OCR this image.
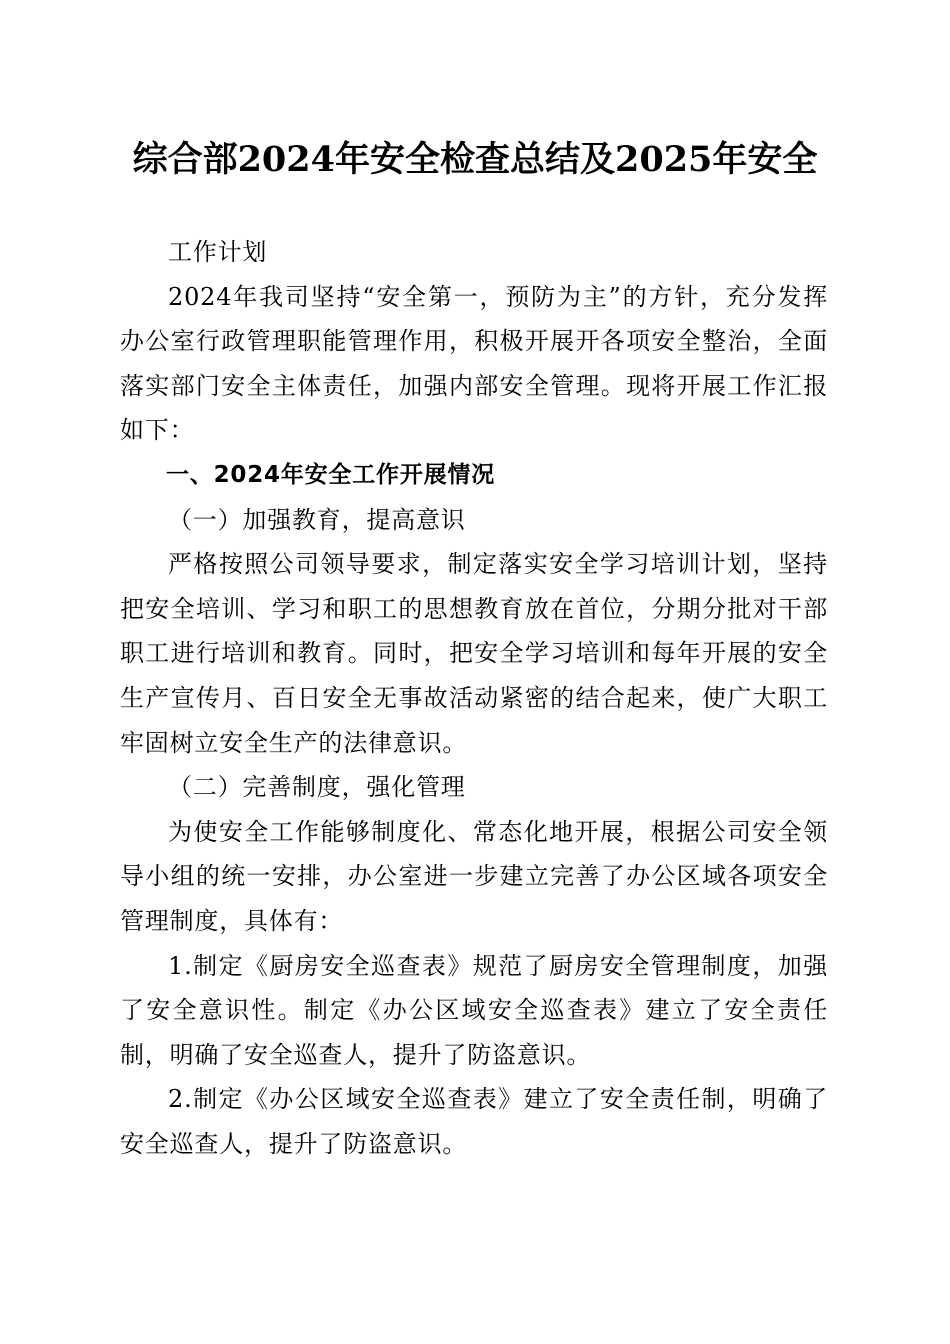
综合部2024年安全检查总结及2025年安全

工作计划

2024年我司坚持“安全第一，预防为主”的方针，充分发挥办公室行政管理职能管理作用，积极开展开各项安全整治，全面落实部门安全主体责任，加强内部安全管理。现将开展工作汇报如下：

一、2024年安全工作开展情况

（一）加强教育，提高意识

严格按照公司领导要求，制定落实安全学习培训计划，坚持把安全培训、学习和职工的思想教育放在首位，分期分批对干部职工进行培训和教育。同时，把安全学习培训和每年开展的安全生产宣传月、百日安全无事故活动紧密的结合起来，使广大职工牢固树立安全生产的法律意识。

（二）完善制度，强化管理

为使安全工作能够制度化、常态化地开展，根据公司安全领导小组的统一安排，办公室进一步建立完善了办公区域各项安全管理制度，具体有：

1.制定《厨房安全巡查表》规范了厨房安全管理制度，加强了安全意识性。制定《办公区域安全巡查表》建立了安全责任制，明确了安全巡查人，提升了防盗意识。

2.制定《办公区域安全巡查表》建立了安全责任制，明确了安全巡查人，提升了防盗意识。
